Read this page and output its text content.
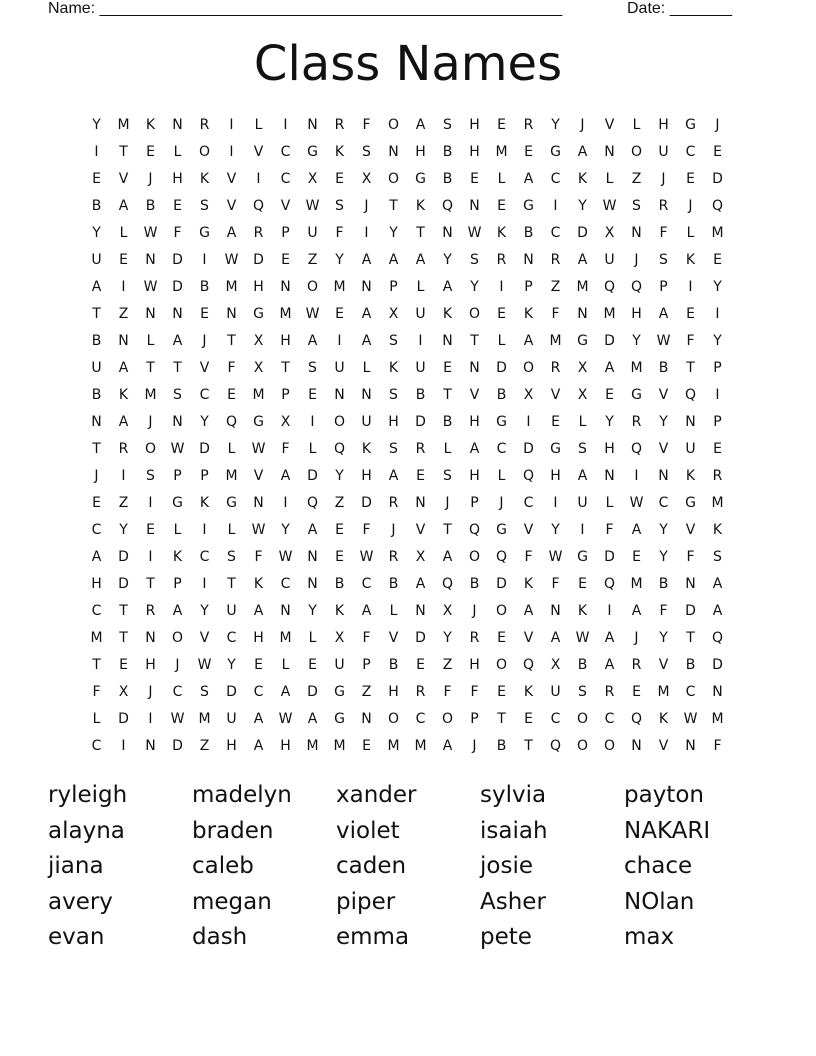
Name: ____________________________________________________	Date: _______
Class Names
Y	M	K	N	R	I	L	I	N	R	F	O	A	S	H	E	R	Y	J	V	L	H	G	J
I	T	E	L	O	I	V	C	G	K	S	N	H	B	H	M	E	G	A	N	O	U	C	E
E	V	J	H	K	V	I	C	X	E	X	O	G	B	E	L	A	C	K	L	Z	J	E	D
B	A	B	E	S	V	Q	V	W	S	J	T	K	Q	N	E	G	I	Y	W	S	R	J	Q
Y	L	W	F	G	A	R	P	U	F	I	Y	T	N	W	K	B	C	D	X	N	F	L	M
U	E	N	D	I	W	D	E	Z	Y	A	A	A	Y	S	R	N	R	A	U	J	S	K	E
A	I	W	D	B	M	H	N	O	M	N	P	L	A	Y	I	P	Z	M	Q	Q	P	I	Y
T	Z	N	N	E	N	G	M	W	E	A	X	U	K	O	E	K	F	N	M	H	A	E	I
B	N	L	A	J	T	X	H	A	I	A	S	I	N	T	L	A	M	G	D	Y	W	F	Y
U	A	T	T	V	F	X	T	S	U	L	K	U	E	N	D	O	R	X	A	M	B	T	P
B	K	M	S	C	E	M	P	E	N	N	S	B	T	V	B	X	V	X	E	G	V	Q	I
N	A	J	N	Y	Q	G	X	I	O	U	H	D	B	H	G	I	E	L	Y	R	Y	N	P
T	R	O	W	D	L	W	F	L	Q	K	S	R	L	A	C	D	G	S	H	Q	V	U	E
J	I	S	P	P	M	V	A	D	Y	H	A	E	S	H	L	Q	H	A	N	I	N	K	R
E	Z	I	G	K	G	N	I	Q	Z	D	R	N	J	P	J	C	I	U	L	W	C	G	M
C	Y	E	L	I	L	W	Y	A	E	F	J	V	T	Q	G	V	Y	I	F	A	Y	V	K
A	D	I	K	C	S	F	W	N	E	W	R	X	A	O	Q	F	W	G	D	E	Y	F	S
H	D	T	P	I	T	K	C	N	B	C	B	A	Q	B	D	K	F	E	Q	M	B	N	A
C	T	R	A	Y	U	A	N	Y	K	A	L	N	X	J	O	A	N	K	I	A	F	D	A
M	T	N	O	V	C	H	M	L	X	F	V	D	Y	R	E	V	A	W	A	J	Y	T	Q
T	E	H	J	W	Y	E	L	E	U	P	B	E	Z	H	O	Q	X	B	A	R	V	B	D
F	X	J	C	S	D	C	A	D	G	Z	H	R	F	F	E	K	U	S	R	E	M	C	N
L	D	I	W	M	U	A	W	A	G	N	O	C	O	P	T	E	C	O	C	Q	K	W	M
C	I	N	D	Z	H	A	H	M	M	E	M	M	A	J	B	T	Q	O	O	N	V	N	F
ryleigh	madelyn	xander	sylvia	payton
alayna	braden	violet	isaiah	NAKARI
jiana	caleb	caden	josie	chace
avery	megan	piper	Asher	NOlan
evan	dash	emma	pete	max
